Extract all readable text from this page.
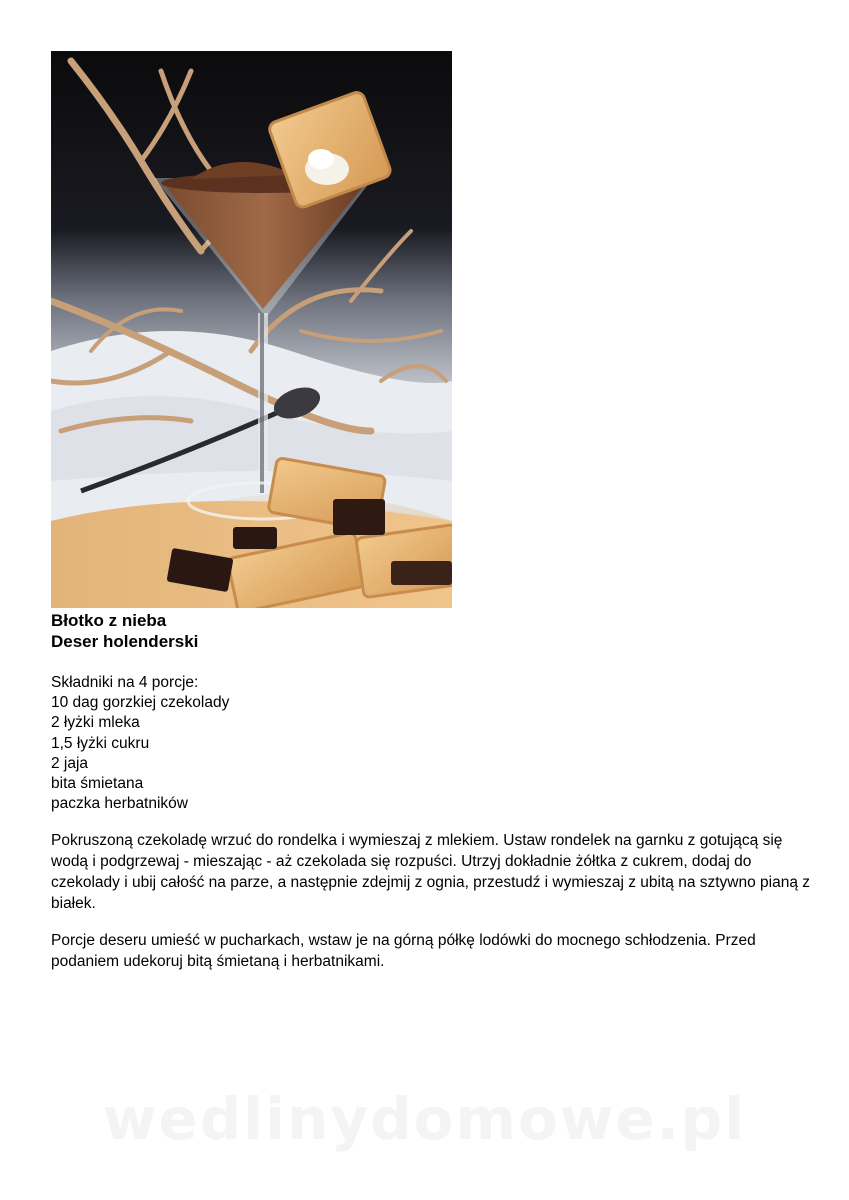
Błotko z nieba
Deser holenderski
Składniki na 4 porcje:
10 dag gorzkiej czekolady
2 łyżki mleka
1,5 łyżki cukru
2 jaja
bita śmietana
paczka herbatników

Pokruszoną czekoladę wrzuć do rondelka i wymieszaj z mlekiem. Ustaw rondelek na garnku z gotującą się wodą i podgrzewaj - mieszając - aż czekolada się rozpuści. Utrzyj dokładnie żółtka z cukrem, dodaj do czekolady i ubij całość na parze, a następnie zdejmij z ognia, przestudź i wymieszaj z ubitą na sztywno pianą z białek.

Porcje deseru umieść w pucharkach, wstaw je na górną półkę lodówki do mocnego schłodzenia. Przed podaniem udekoruj bitą śmietaną i herbatnikami.

wedlinydomowe.pl
